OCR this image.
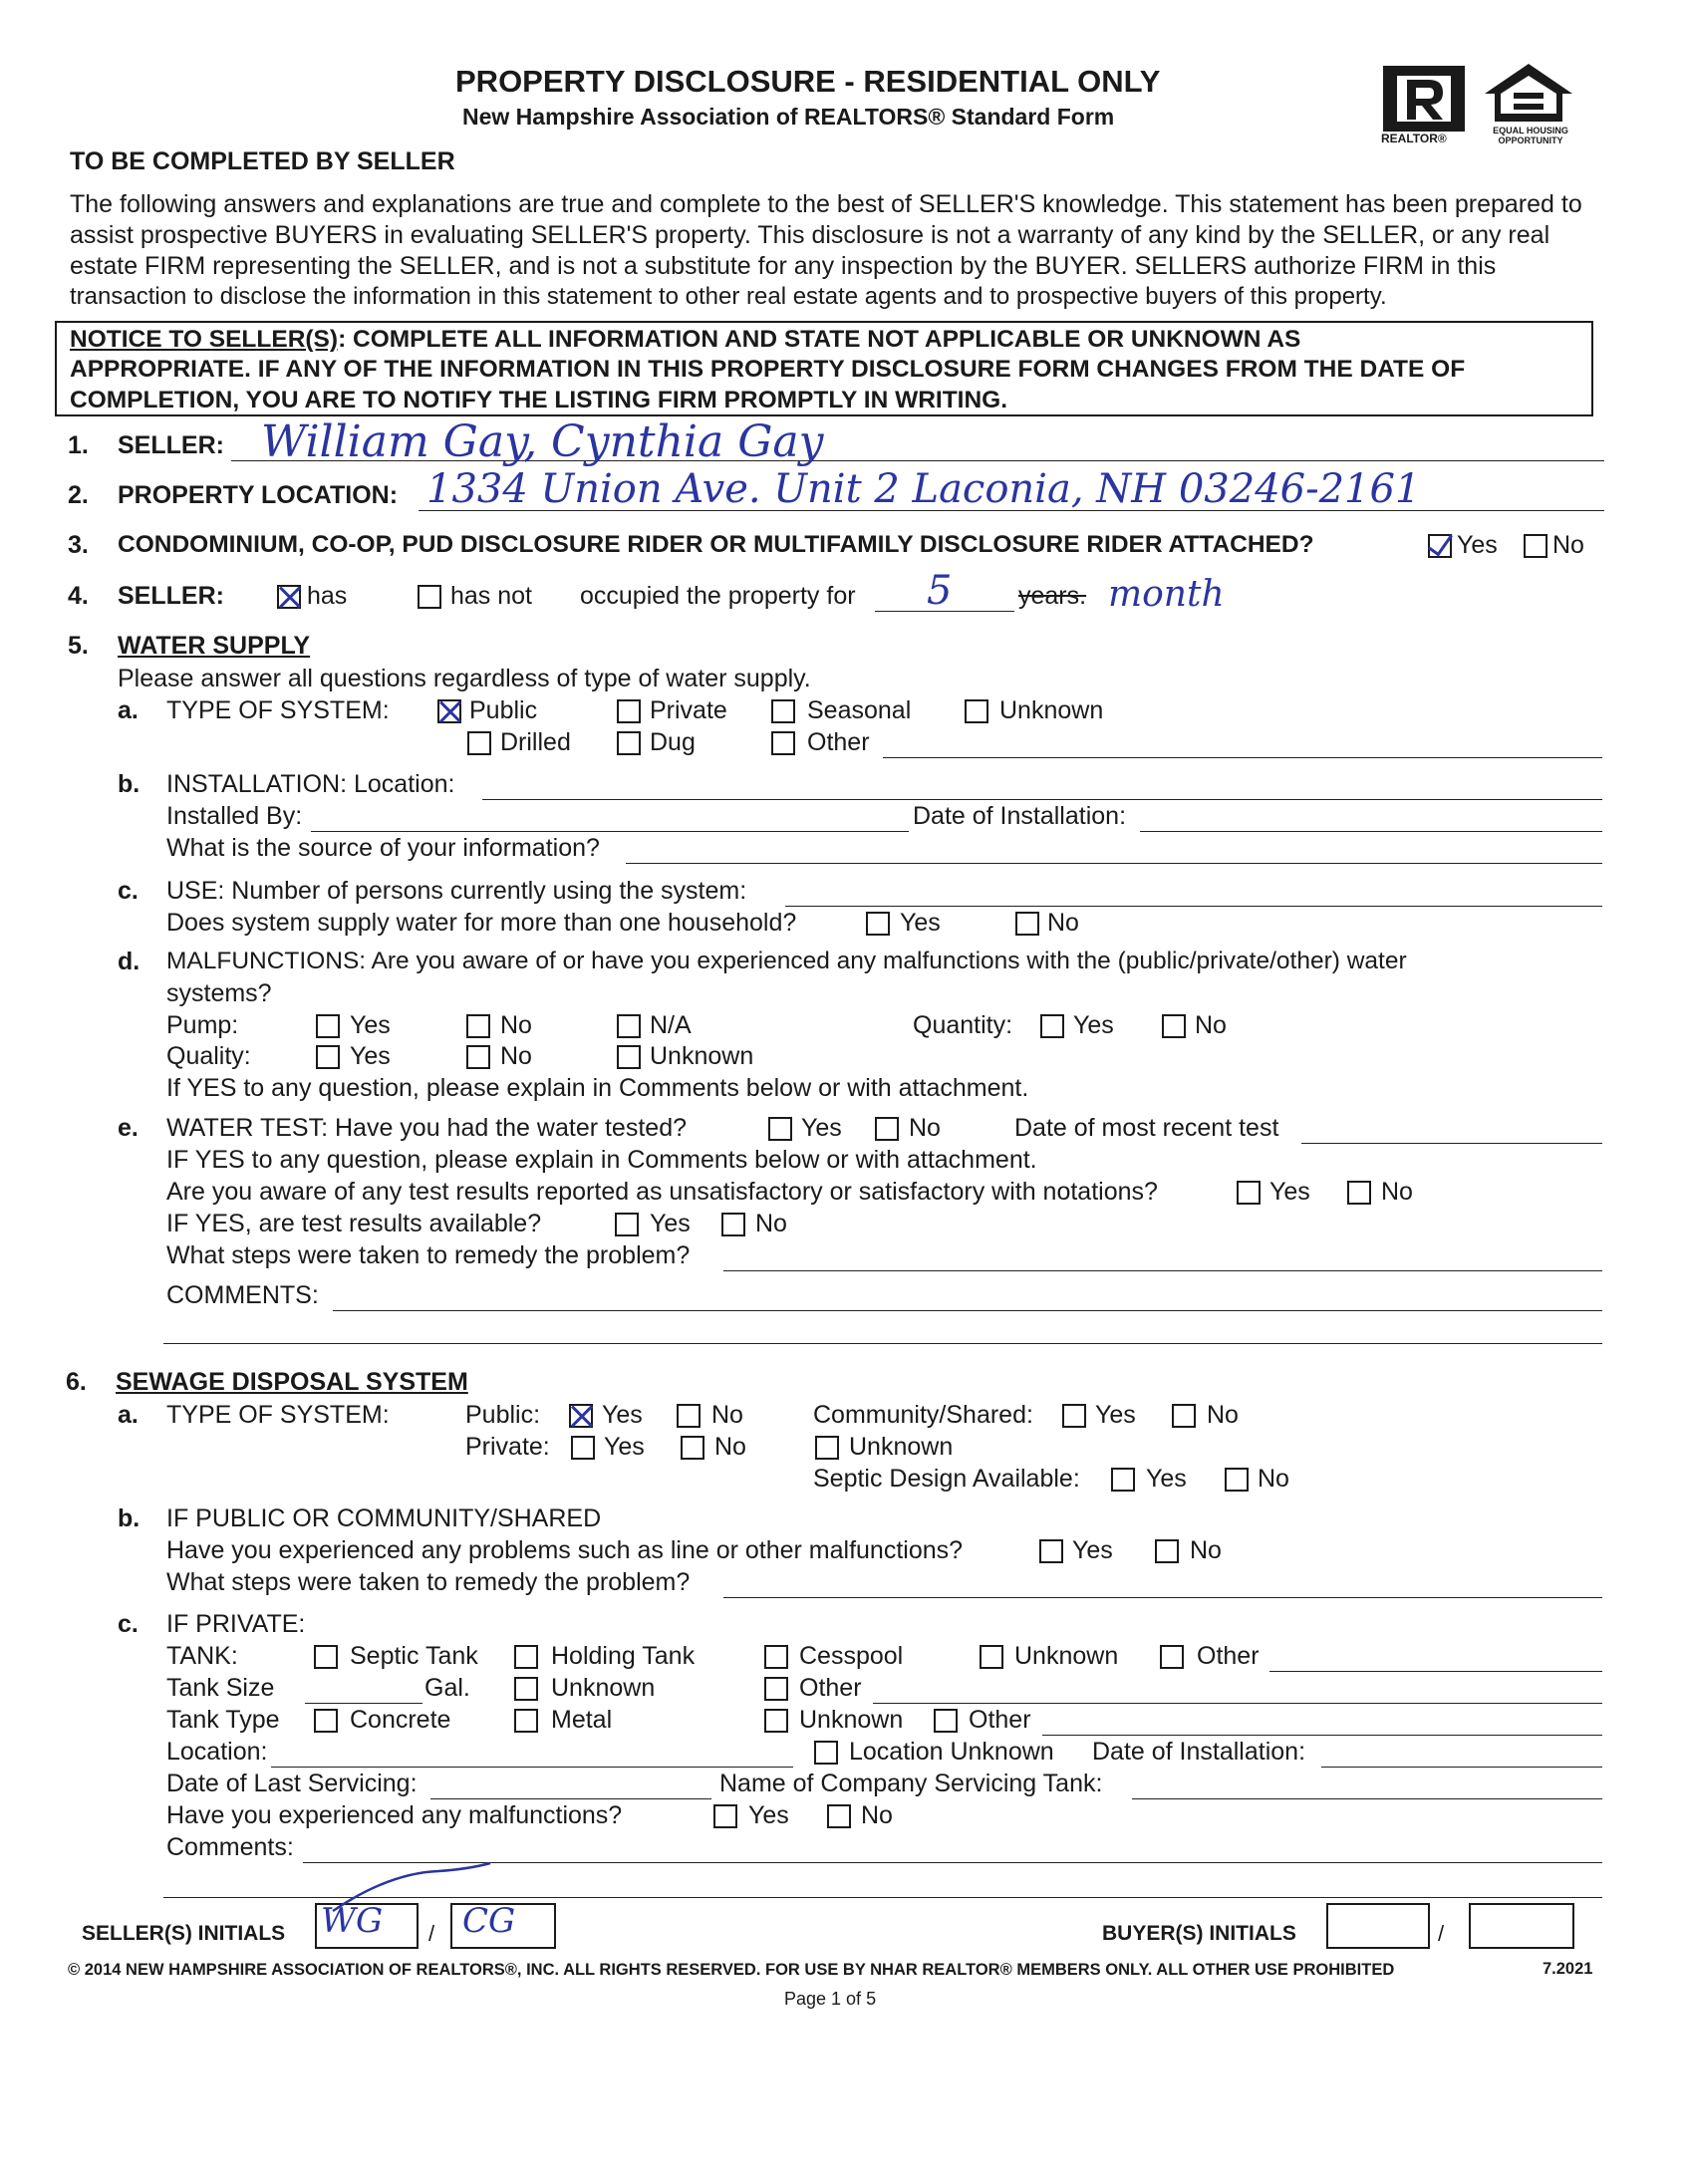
PROPERTY DISCLOSURE - RESIDENTIAL ONLY
New Hampshire Association of REALTORS® Standard Form
TO BE COMPLETED BY SELLER
REALTOR®
EQUAL HOUSING OPPORTUNITY
The following answers and explanations are true and complete to the best of SELLER'S knowledge. This statement has been prepared to
assist prospective BUYERS in evaluating SELLER'S property. This disclosure is not a warranty of any kind by the SELLER, or any real
estate FIRM representing the SELLER, and is not a substitute for any inspection by the BUYER. SELLERS authorize FIRM in this
transaction to disclose the information in this statement to other real estate agents and to prospective buyers of this property.
NOTICE TO SELLER(S): COMPLETE ALL INFORMATION AND STATE NOT APPLICABLE OR UNKNOWN AS
APPROPRIATE. IF ANY OF THE INFORMATION IN THIS PROPERTY DISCLOSURE FORM CHANGES FROM THE DATE OF
COMPLETION, YOU ARE TO NOTIFY THE LISTING FIRM PROMPTLY IN WRITING.
1. SELLER: William Gay, Cynthia Gay
2. PROPERTY LOCATION: 1334 Union Ave. Unit 2 Laconia, NH 03246-2161
3. CONDOMINIUM, CO-OP, PUD DISCLOSURE RIDER OR MULTIFAMILY DISCLOSURE RIDER ATTACHED?	Yes No
4. SELLER:	has	has not occupied the property for 5	years. month
5. WATER SUPPLY
Please answer all questions regardless of type of water supply.
a. TYPE OF SYSTEM:	Public	Private	Seasonal	Unknown
Drilled	Dug	Other
b. INSTALLATION: Location:
Installed By:	Date of Installation:
What is the source of your information?
c. USE: Number of persons currently using the system:
Does system supply water for more than one household?	Yes	No
d. MALFUNCTIONS: Are you aware of or have you experienced any malfunctions with the (public/private/other) water
systems?
Pump:	Yes	No	N/A	Quantity: Yes	No
Quality:	Yes	No	Unknown
If YES to any question, please explain in Comments below or with attachment.
e. WATER TEST: Have you had the water tested?	Yes	No	Date of most recent test
IF YES to any question, please explain in Comments below or with attachment.
Are you aware of any test results reported as unsatisfactory or satisfactory with notations?	Yes	No
IF YES, are test results available?	Yes	No
What steps were taken to remedy the problem?
COMMENTS:
6. SEWAGE DISPOSAL SYSTEM
a. TYPE OF SYSTEM:	Public: Yes	No
Private: Yes	No
Community/Shared: Yes	No
Unknown
Septic Design Available:	Yes	No
b. IF PUBLIC OR COMMUNITY/SHARED
Have you experienced any problems such as line or other malfunctions?	Yes	No
What steps were taken to remedy the problem?
c. IF PRIVATE:
TANK:	Septic Tank	Holding Tank	Cesspool	Unknown	Other
Tank Size	Gal.	Unknown	Other
Tank Type	Concrete	Metal	Unknown	Other
Location:	Location Unknown Date of Installation:
Date of Last Servicing:	Name of Company Servicing Tank:
Have you experienced any malfunctions?	Yes	No
Comments:
SELLER(S) INITIALS WG / CG	BUYER(S) INITIALS	/
© 2014 NEW HAMPSHIRE ASSOCIATION OF REALTORS®, INC. ALL RIGHTS RESERVED. FOR USE BY NHAR REALTOR® MEMBERS ONLY. ALL OTHER USE PROHIBITED	7.2021
Page 1 of 5
